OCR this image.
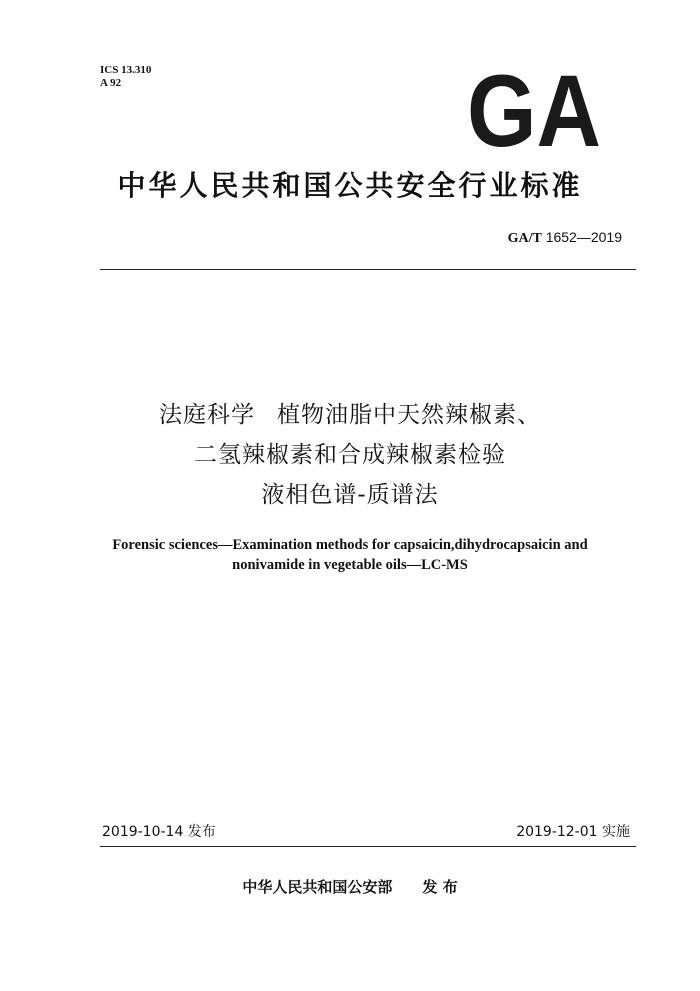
ICS 13.310
A 92	GA
中华人民共和国公共安全行业标准
GA/T 1652—2019
法庭科学 植物油脂中天然辣椒素、
二氢辣椒素和合成辣椒素检验
液相色谱-质谱法
Forensic sciences—Examination methods for capsaicin,dihydrocapsaicin and
nonivamide in vegetable oils—LC-MS
2019-10-14 发布	2019-12-01 实施
中华人民共和国公安部 发 布
